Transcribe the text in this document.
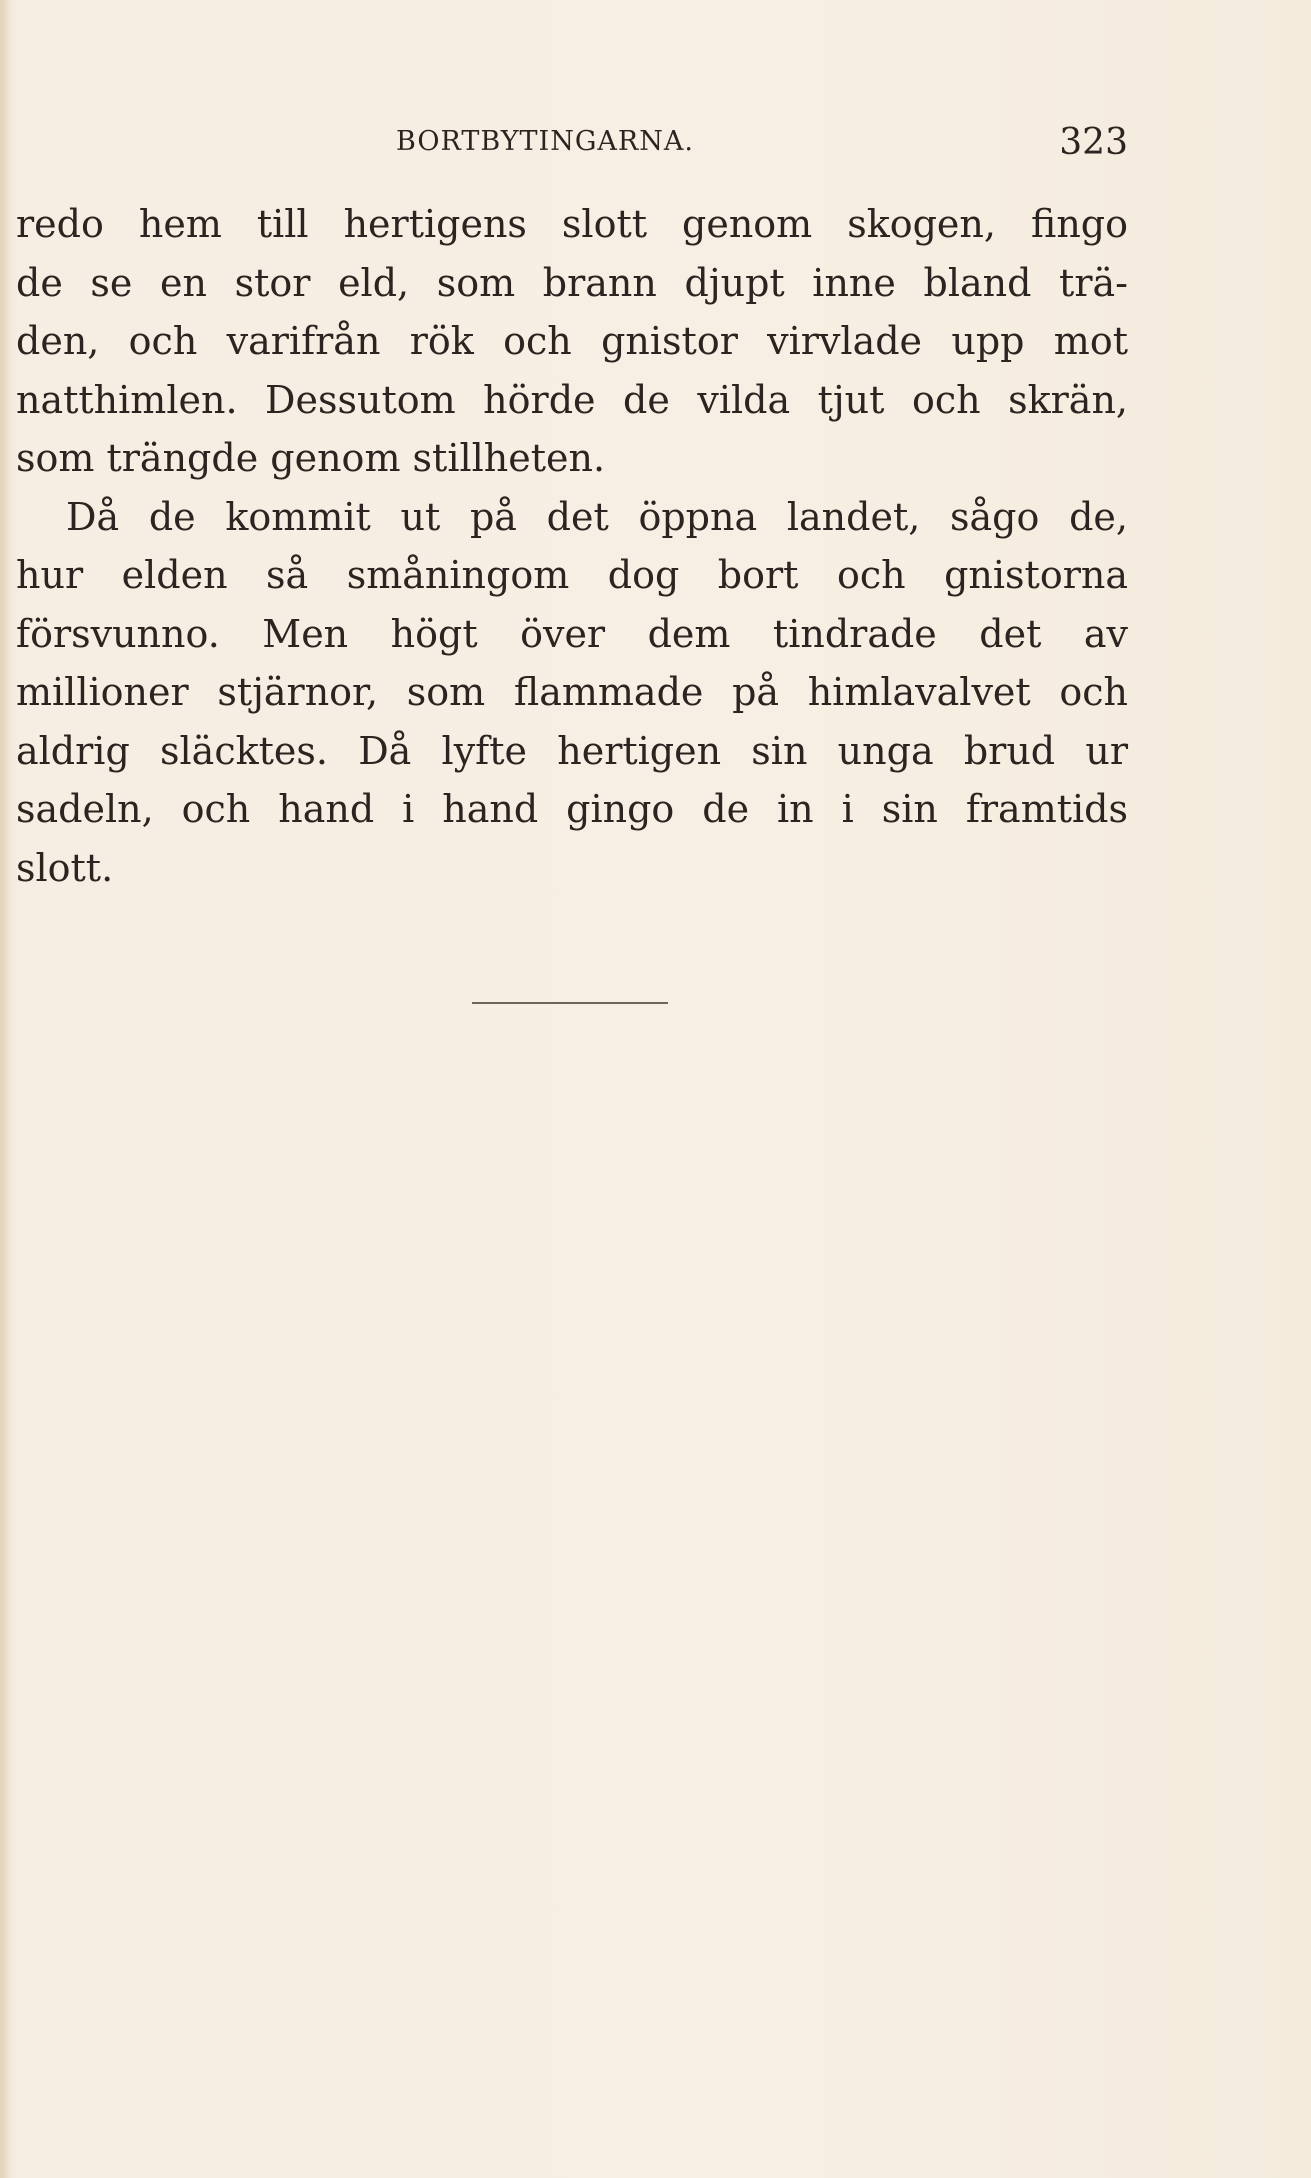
BORTBYTINGARNA.	323
redo hem till hertigens slott genom skogen, fingo
de se en stor eld, som brann djupt inne bland trä-
den, och varifrån rök och gnistor virvlade upp mot
natthimlen. Dessutom hörde de vilda tjut och skrän,
som trängde genom stillheten.
Då de kommit ut på det öppna landet, sågo de,
hur elden så småningom dog bort och gnistorna
försvunno. Men högt över dem tindrade det av
millioner stjärnor, som flammade på himlavalvet och
aldrig släcktes. Då lyfte hertigen sin unga brud ur
sadeln, och hand i hand gingo de in i sin framtids
slott.
